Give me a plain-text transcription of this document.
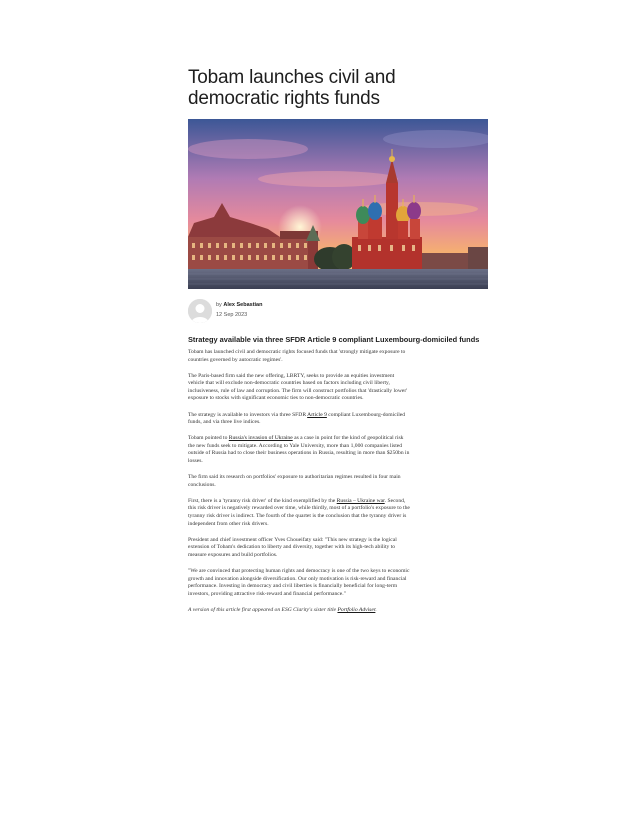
Tobam launches civil and democratic rights funds
by Alex Sebastian
12 Sep 2023
Strategy available via three SFDR Article 9 compliant Luxembourg-domiciled funds

Tobam has launched civil and democratic rights focused funds that 'strongly mitigate exposure to countries governed by autocratic regimes'.

The Paris-based firm said the new offering, LBRTY, seeks to provide an equities investment vehicle that will exclude non-democratic countries based on factors including civil liberty, inclusiveness, rule of law and corruption. The firm will construct portfolios that 'drastically lower' exposure to stocks with significant economic ties to non-democratic countries.

The strategy is available to investors via three SFDR Article 9 compliant Luxembourg-domiciled funds, and via three live indices.

Tobam pointed to Russia's invasion of Ukraine as a case in point for the kind of geopolitical risk the new funds seek to mitigate. According to Yale University, more than 1,000 companies listed outside of Russia had to close their business operations in Russia, resulting in more than $250bn in losses.

The firm said its research on portfolios' exposure to authoritarian regimes resulted in four main conclusions.

First, there is a 'tyranny risk driver' of the kind exemplified by the Russia – Ukraine war. Second, this risk driver is negatively rewarded over time, while thirdly, most of a portfolio's exposure to the tyranny risk driver is indirect. The fourth of the quartet is the conclusion that the tyranny driver is independent from other risk drivers.

President and chief investment officer Yves Choueifaty said: "This new strategy is the logical extension of Tobam's dedication to liberty and diversity, together with its high-tech ability to measure exposures and build portfolios.

"We are convinced that protecting human rights and democracy is one of the two keys to economic growth and innovation alongside diversification. Our only motivation is risk-reward and financial performance. Investing in democracy and civil liberties is financially beneficial for long-term investors, providing attractive risk-reward and financial performance."

A version of this article first appeared on ESG Clarity's sister title Portfolio Adviser.
